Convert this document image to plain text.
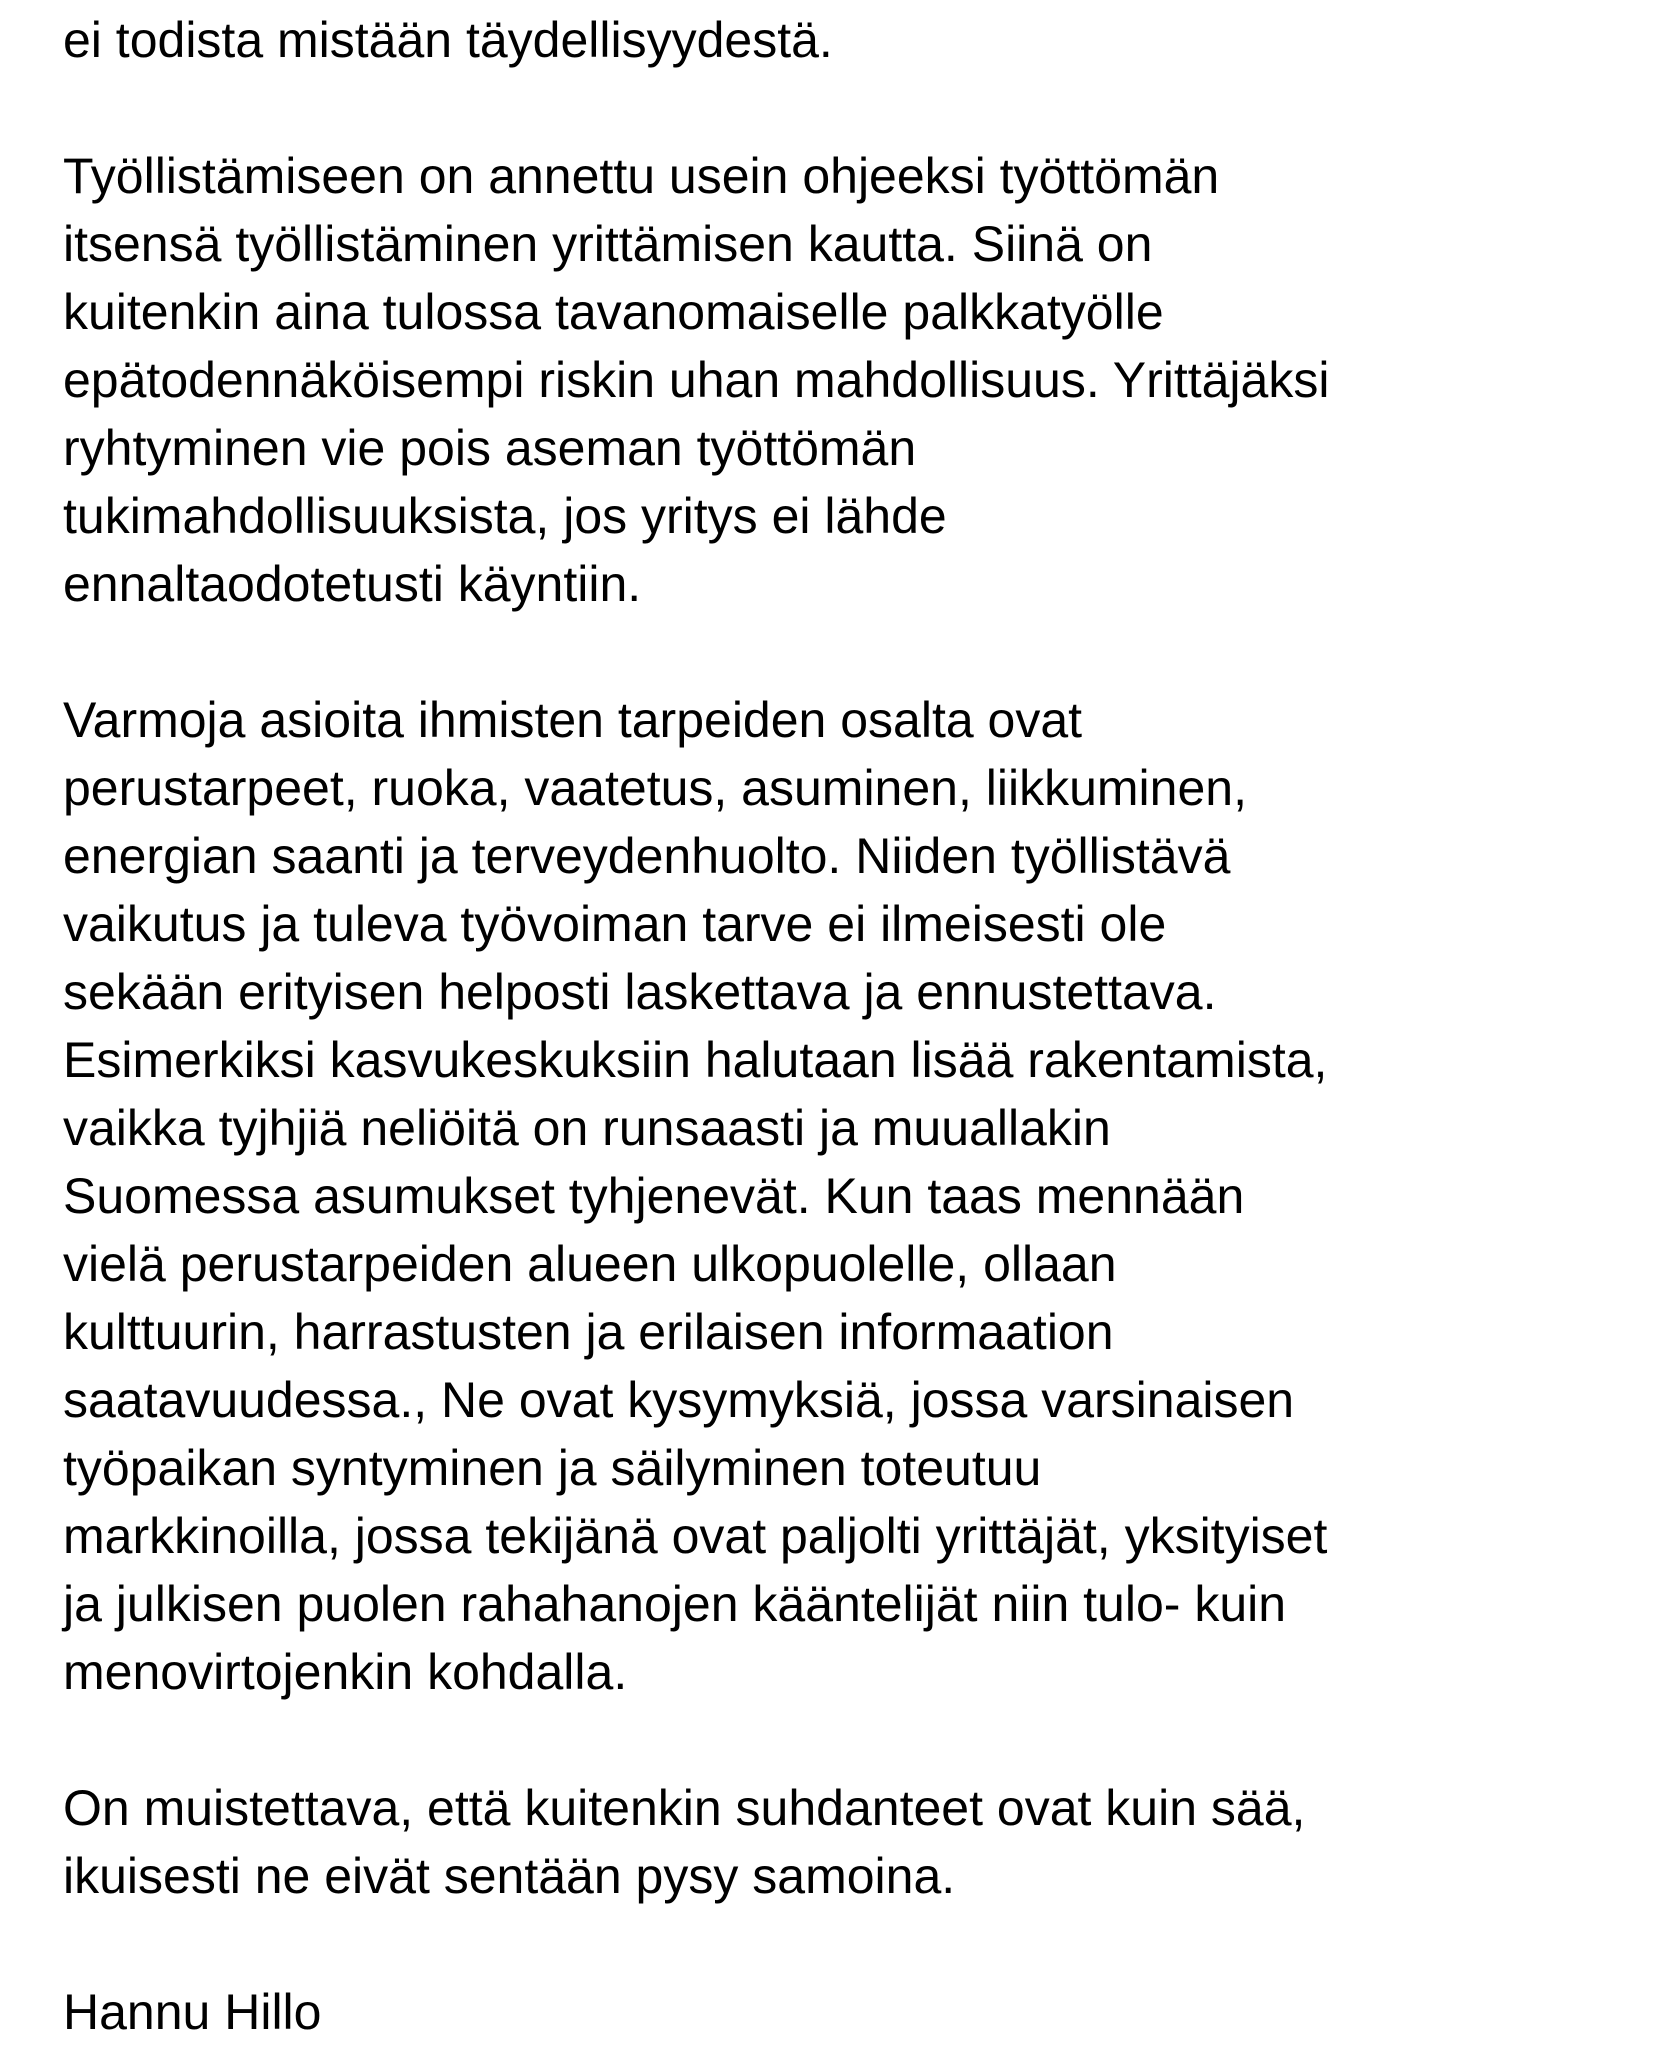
ei todista mistään täydellisyydestä.
Työllistämiseen on annettu usein ohjeeksi työttömän
itsensä työllistäminen yrittämisen kautta. Siinä on
kuitenkin aina tulossa tavanomaiselle palkkatyölle
epätodennäköisempi riskin uhan mahdollisuus. Yrittäjäksi
ryhtyminen vie pois aseman työttömän
tukimahdollisuuksista, jos yritys ei lähde
ennaltaodotetusti käyntiin.
Varmoja asioita ihmisten tarpeiden osalta ovat
perustarpeet, ruoka, vaatetus, asuminen, liikkuminen,
energian saanti ja terveydenhuolto. Niiden työllistävä
vaikutus ja tuleva työvoiman tarve ei ilmeisesti ole
sekään erityisen helposti laskettava ja ennustettava.
Esimerkiksi kasvukeskuksiin halutaan lisää rakentamista,
vaikka tyjhjiä neliöitä on runsaasti ja muuallakin
Suomessa asumukset tyhjenevät. Kun taas mennään
vielä perustarpeiden alueen ulkopuolelle, ollaan
kulttuurin, harrastusten ja erilaisen informaation
saatavuudessa., Ne ovat kysymyksiä, jossa varsinaisen
työpaikan syntyminen ja säilyminen toteutuu
markkinoilla, jossa tekijänä ovat paljolti yrittäjät, yksityiset
ja julkisen puolen rahahanojen kääntelijät niin tulo- kuin
menovirtojenkin kohdalla.
On muistettava, että kuitenkin suhdanteet ovat kuin sää,
ikuisesti ne eivät sentään pysy samoina.
Hannu Hillo
